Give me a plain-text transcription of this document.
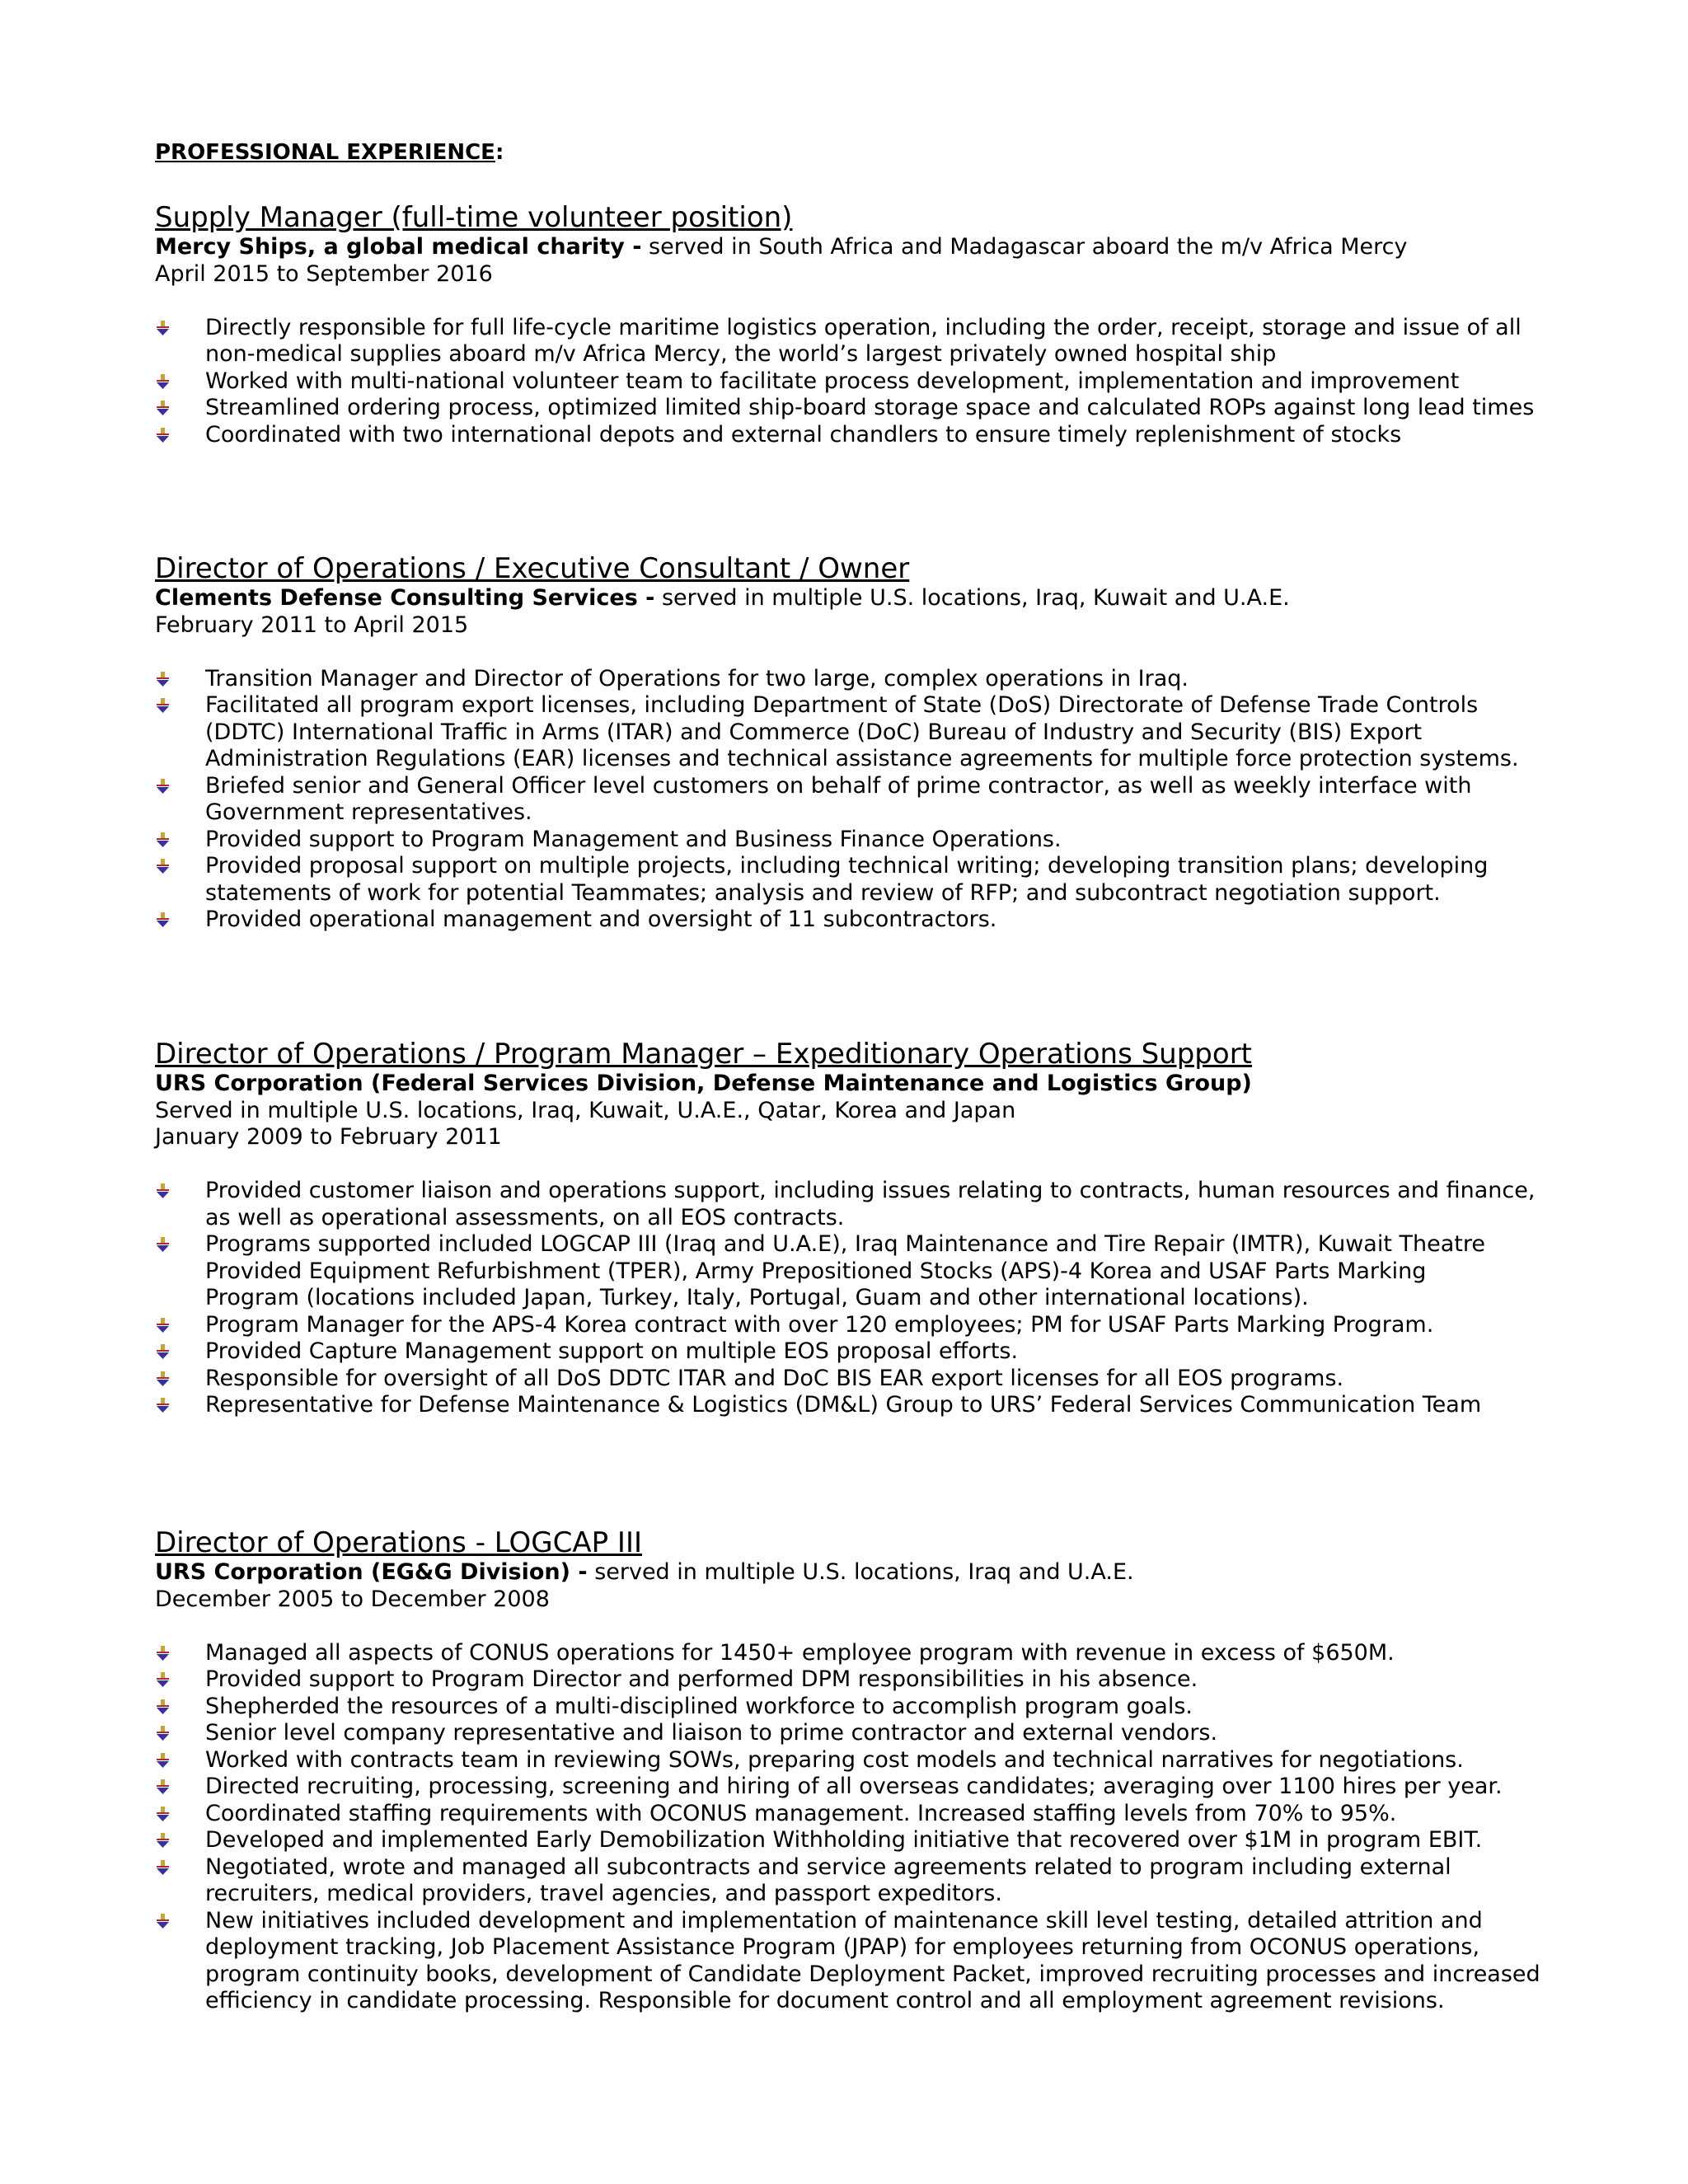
PROFESSIONAL EXPERIENCE:
Supply Manager (full-time volunteer position)
Mercy Ships, a global medical charity - served in South Africa and Madagascar aboard the m/v Africa Mercy
April 2015 to September 2016
Directly responsible for full life-cycle maritime logistics operation, including the order, receipt, storage and issue of all
non-medical supplies aboard m/v Africa Mercy, the world’s largest privately owned hospital ship
Worked with multi-national volunteer team to facilitate process development, implementation and improvement
Streamlined ordering process, optimized limited ship-board storage space and calculated ROPs against long lead times
Coordinated with two international depots and external chandlers to ensure timely replenishment of stocks
Director of Operations / Executive Consultant / Owner
Clements Defense Consulting Services - served in multiple U.S. locations, Iraq, Kuwait and U.A.E.
February 2011 to April 2015
Transition Manager and Director of Operations for two large, complex operations in Iraq.
Facilitated all program export licenses, including Department of State (DoS) Directorate of Defense Trade Controls
(DDTC) International Traffic in Arms (ITAR) and Commerce (DoC) Bureau of Industry and Security (BIS) Export
Administration Regulations (EAR) licenses and technical assistance agreements for multiple force protection systems.
Briefed senior and General Officer level customers on behalf of prime contractor, as well as weekly interface with
Government representatives.
Provided support to Program Management and Business Finance Operations.
Provided proposal support on multiple projects, including technical writing; developing transition plans; developing
statements of work for potential Teammates; analysis and review of RFP; and subcontract negotiation support.
Provided operational management and oversight of 11 subcontractors.
Director of Operations / Program Manager – Expeditionary Operations Support
URS Corporation (Federal Services Division, Defense Maintenance and Logistics Group)
Served in multiple U.S. locations, Iraq, Kuwait, U.A.E., Qatar, Korea and Japan
January 2009 to February 2011
Provided customer liaison and operations support, including issues relating to contracts, human resources and finance,
as well as operational assessments, on all EOS contracts.
Programs supported included LOGCAP III (Iraq and U.A.E), Iraq Maintenance and Tire Repair (IMTR), Kuwait Theatre
Provided Equipment Refurbishment (TPER), Army Prepositioned Stocks (APS)-4 Korea and USAF Parts Marking
Program (locations included Japan, Turkey, Italy, Portugal, Guam and other international locations).
Program Manager for the APS-4 Korea contract with over 120 employees; PM for USAF Parts Marking Program.
Provided Capture Management support on multiple EOS proposal efforts.
Responsible for oversight of all DoS DDTC ITAR and DoC BIS EAR export licenses for all EOS programs.
Representative for Defense Maintenance & Logistics (DM&L) Group to URS’ Federal Services Communication Team
Director of Operations - LOGCAP III
URS Corporation (EG&G Division) - served in multiple U.S. locations, Iraq and U.A.E.
December 2005 to December 2008
Managed all aspects of CONUS operations for 1450+ employee program with revenue in excess of $650M.
Provided support to Program Director and performed DPM responsibilities in his absence.
Shepherded the resources of a multi-disciplined workforce to accomplish program goals.
Senior level company representative and liaison to prime contractor and external vendors.
Worked with contracts team in reviewing SOWs, preparing cost models and technical narratives for negotiations.
Directed recruiting, processing, screening and hiring of all overseas candidates; averaging over 1100 hires per year.
Coordinated staffing requirements with OCONUS management. Increased staffing levels from 70% to 95%.
Developed and implemented Early Demobilization Withholding initiative that recovered over $1M in program EBIT.
Negotiated, wrote and managed all subcontracts and service agreements related to program including external
recruiters, medical providers, travel agencies, and passport expeditors.
New initiatives included development and implementation of maintenance skill level testing, detailed attrition and
deployment tracking, Job Placement Assistance Program (JPAP) for employees returning from OCONUS operations,
program continuity books, development of Candidate Deployment Packet, improved recruiting processes and increased
efficiency in candidate processing. Responsible for document control and all employment agreement revisions.
